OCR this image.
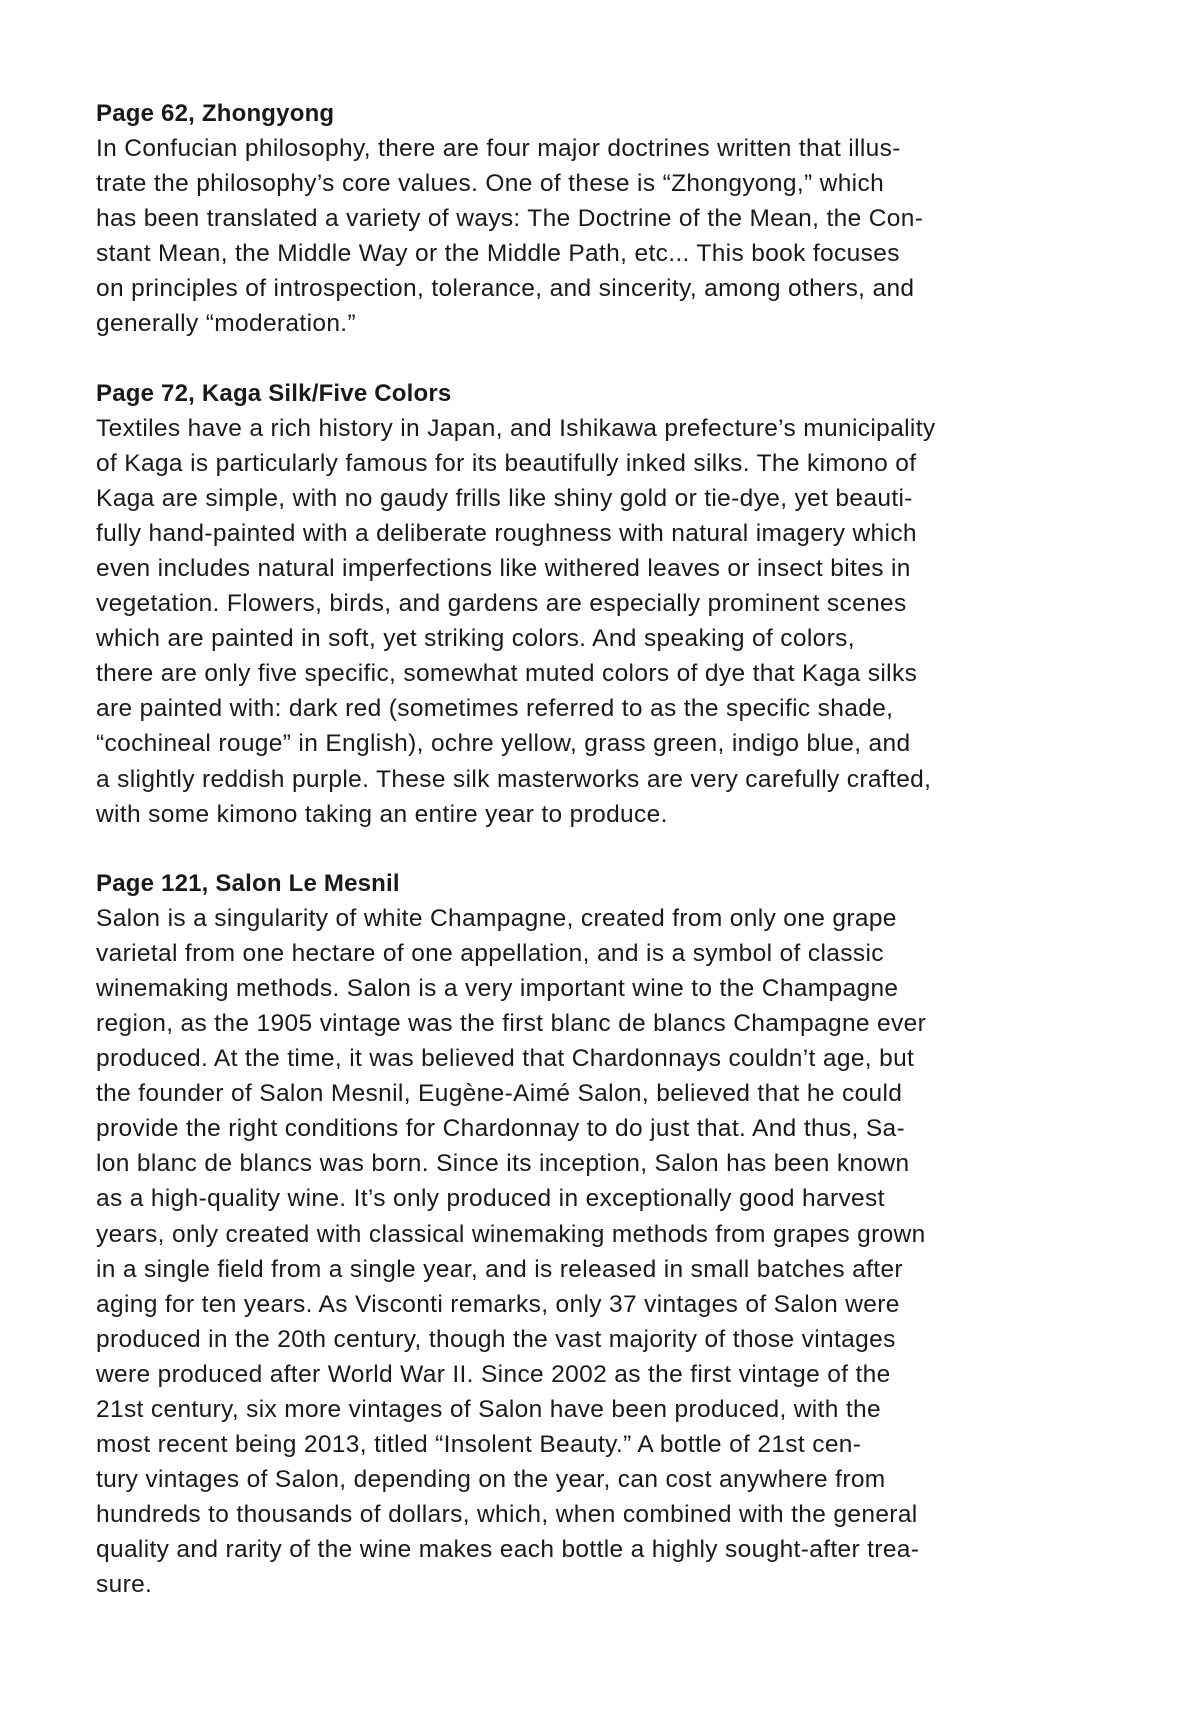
Page 62, Zhongyong
In Confucian philosophy, there are four major doctrines written that illus-
trate the philosophy’s core values. One of these is “Zhongyong,” which
has been translated a variety of ways: The Doctrine of the Mean, the Con-
stant Mean, the Middle Way or the Middle Path, etc... This book focuses
on principles of introspection, tolerance, and sincerity, among others, and
generally “moderation.”
Page 72, Kaga Silk/Five Colors
Textiles have a rich history in Japan, and Ishikawa prefecture’s municipality
of Kaga is particularly famous for its beautifully inked silks. The kimono of
Kaga are simple, with no gaudy frills like shiny gold or tie-dye, yet beauti-
fully hand-painted with a deliberate roughness with natural imagery which
even includes natural imperfections like withered leaves or insect bites in
vegetation. Flowers, birds, and gardens are especially prominent scenes
which are painted in soft, yet striking colors. And speaking of colors,
there are only five specific, somewhat muted colors of dye that Kaga silks
are painted with: dark red (sometimes referred to as the specific shade,
“cochineal rouge” in English), ochre yellow, grass green, indigo blue, and
a slightly reddish purple. These silk masterworks are very carefully crafted,
with some kimono taking an entire year to produce.
Page 121, Salon Le Mesnil
Salon is a singularity of white Champagne, created from only one grape
varietal from one hectare of one appellation, and is a symbol of classic
winemaking methods. Salon is a very important wine to the Champagne
region, as the 1905 vintage was the first blanc de blancs Champagne ever
produced. At the time, it was believed that Chardonnays couldn’t age, but
the founder of Salon Mesnil, Eugène-Aimé Salon, believed that he could
provide the right conditions for Chardonnay to do just that. And thus, Sa-
lon blanc de blancs was born. Since its inception, Salon has been known
as a high-quality wine. It’s only produced in exceptionally good harvest
years, only created with classical winemaking methods from grapes grown
in a single field from a single year, and is released in small batches after
aging for ten years. As Visconti remarks, only 37 vintages of Salon were
produced in the 20th century, though the vast majority of those vintages
were produced after World War II. Since 2002 as the first vintage of the
21st century, six more vintages of Salon have been produced, with the
most recent being 2013, titled “Insolent Beauty.” A bottle of 21st cen-
tury vintages of Salon, depending on the year, can cost anywhere from
hundreds to thousands of dollars, which, when combined with the general
quality and rarity of the wine makes each bottle a highly sought-after trea-
sure.
